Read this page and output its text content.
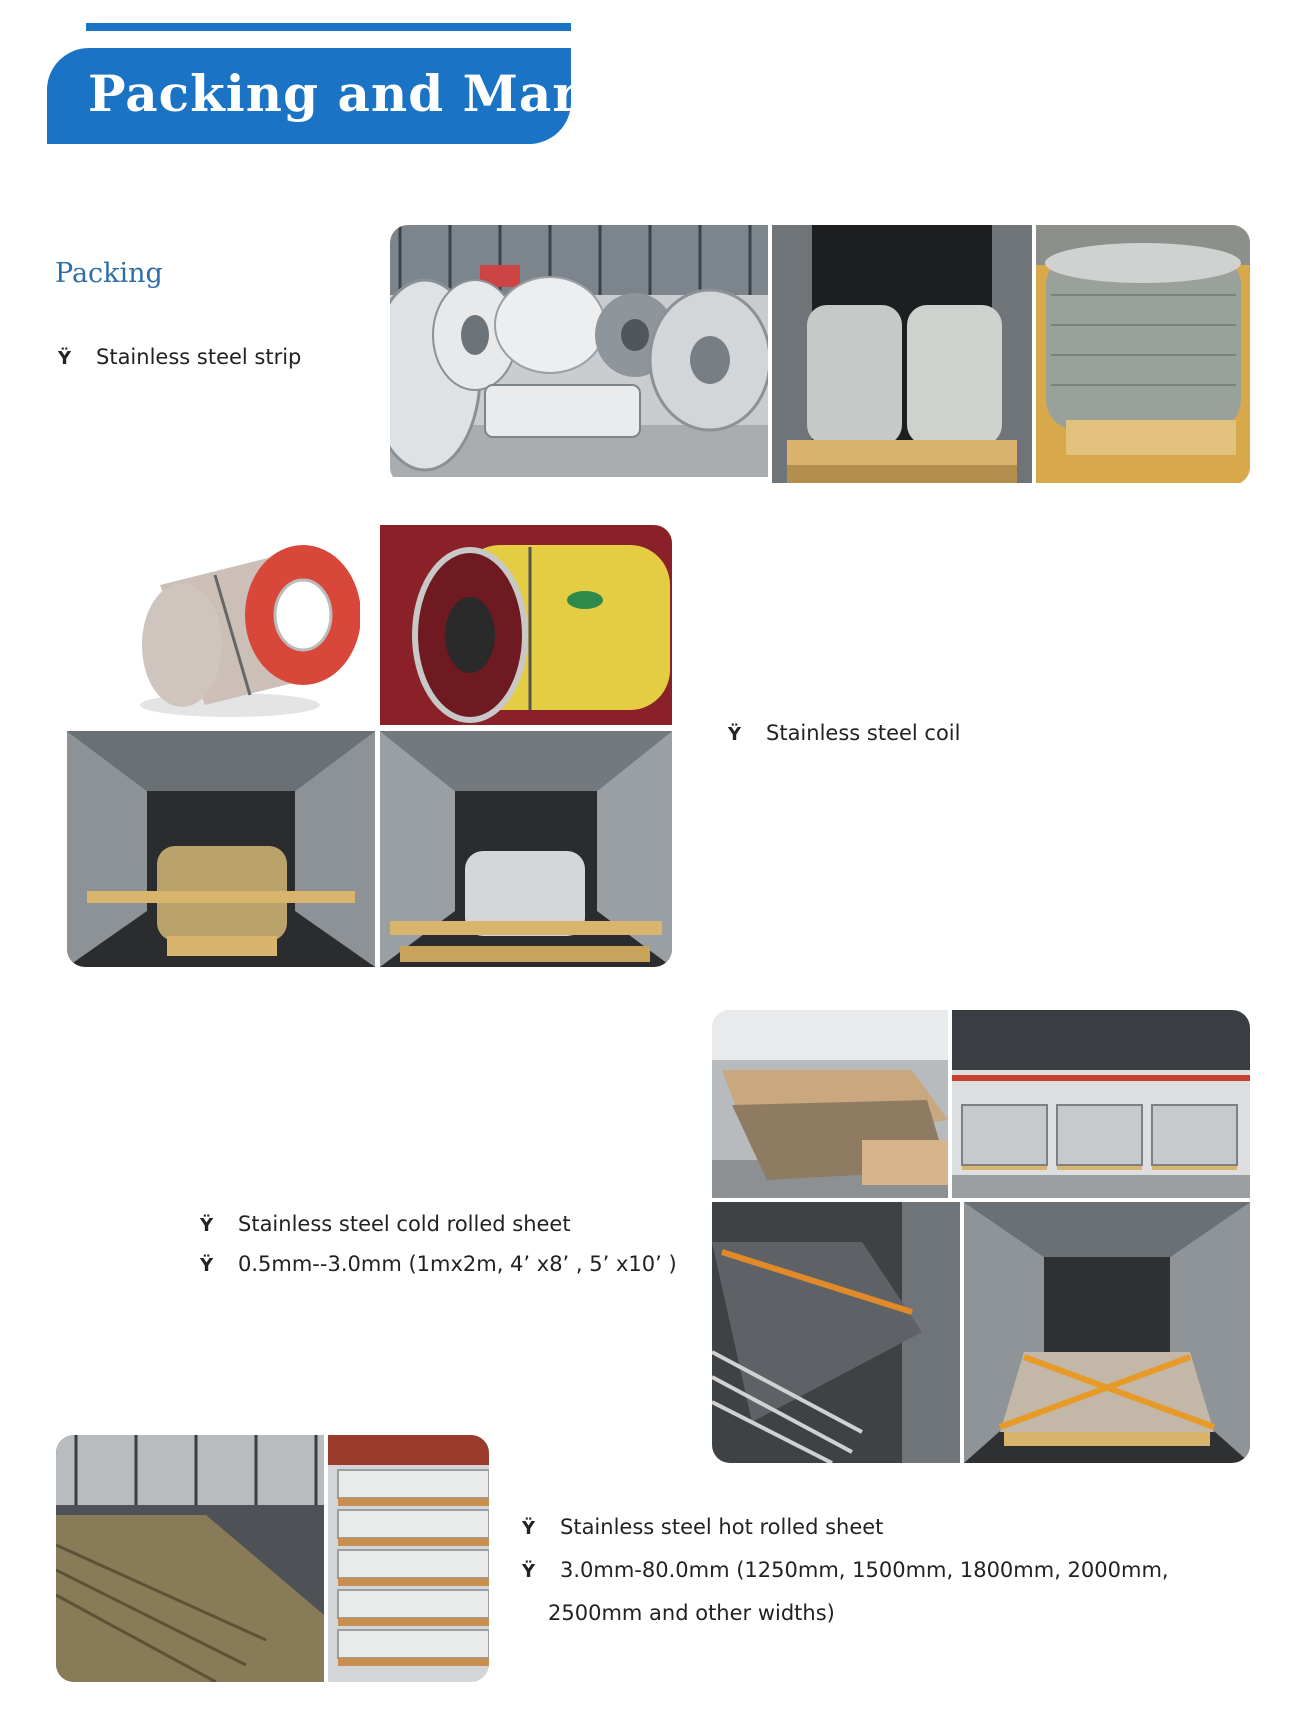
Packing and Mark
Packing
Ÿ Stainless steel strip
Ÿ Stainless steel coil
Ÿ Stainless steel cold rolled sheet
Ÿ 0.5mm--3.0mm (1mx2m, 4’ x8’ , 5’ x10’ )
Ÿ Stainless steel hot rolled sheet
Ÿ 3.0mm-80.0mm (1250mm, 1500mm, 1800mm, 2000mm,
2500mm and other widths)
